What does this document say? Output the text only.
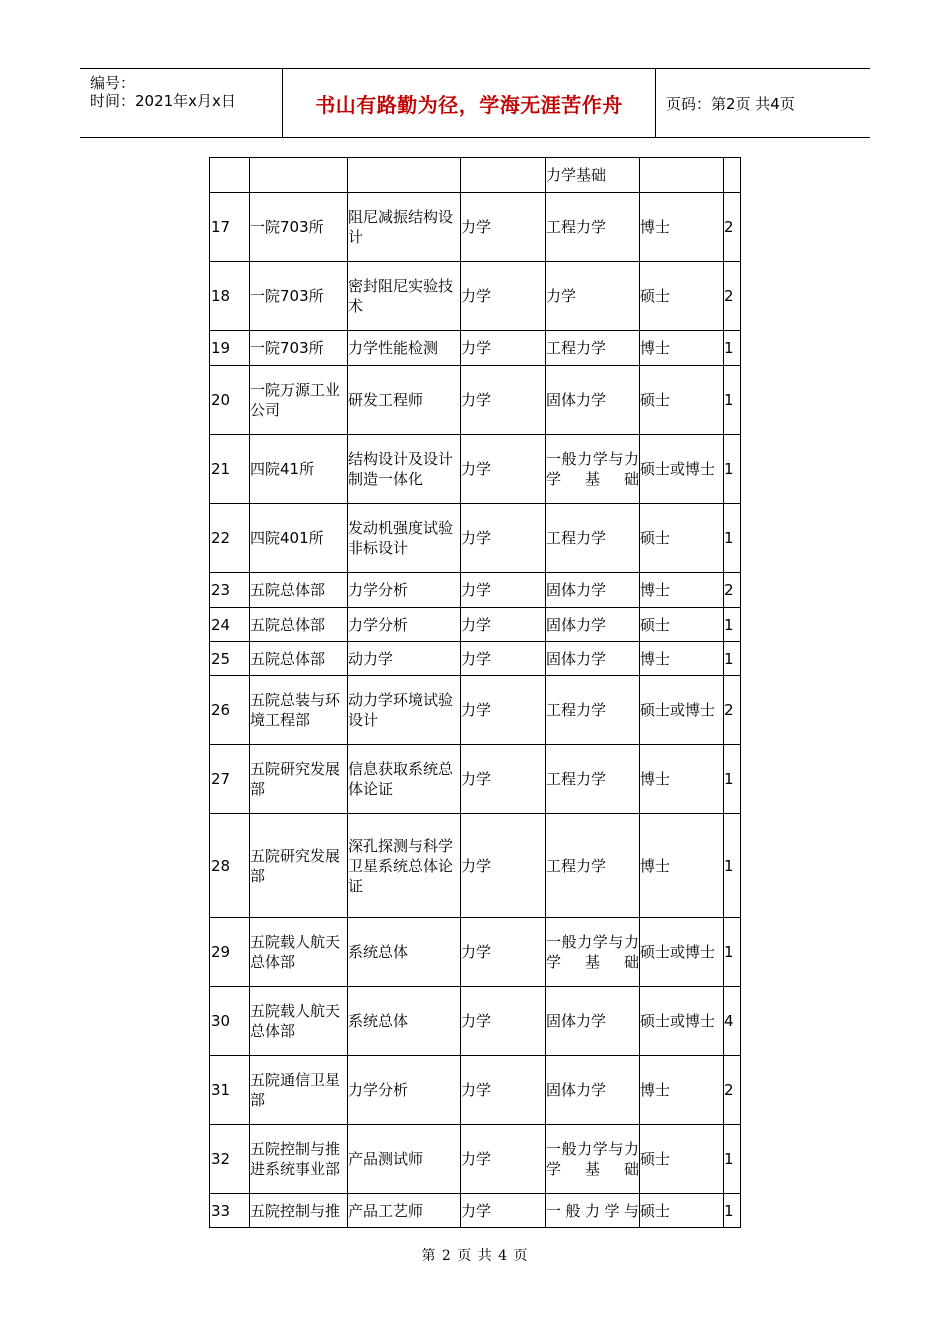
编号：
时间：2021年x月x日	书山有路勤为径，学海无涯苦作舟	页码：第2页 共4页
				力学基础		
17	一院703所	阻尼减振结构设计	力学	工程力学	博士	2
18	一院703所	密封阻尼实验技术	力学	力学	硕士	2
19	一院703所	力学性能检测	力学	工程力学	博士	1
20	一院万源工业公司	研发工程师	力学	固体力学	硕士	1
21	四院41所	结构设计及设计制造一体化	力学	一般力学与力学基础	硕士或博士	1
22	四院401所	发动机强度试验非标设计	力学	工程力学	硕士	1
23	五院总体部	力学分析	力学	固体力学	博士	2
24	五院总体部	力学分析	力学	固体力学	硕士	1
25	五院总体部	动力学	力学	固体力学	博士	1
26	五院总装与环境工程部	动力学环境试验设计	力学	工程力学	硕士或博士	2
27	五院研究发展部	信息获取系统总体论证	力学	工程力学	博士	1
28	五院研究发展部	深孔探测与科学卫星系统总体论证	力学	工程力学	博士	1
29	五院载人航天总体部	系统总体	力学	一般力学与力学基础	硕士或博士	1
30	五院载人航天总体部	系统总体	力学	固体力学	硕士或博士	4
31	五院通信卫星部	力学分析	力学	固体力学	博士	2
32	五院控制与推进系统事业部	产品测试师	力学	一般力学与力学基础	硕士	1
33	五院控制与推	产品工艺师	力学	一般力学与	硕士	1
第 2 页 共 4 页
